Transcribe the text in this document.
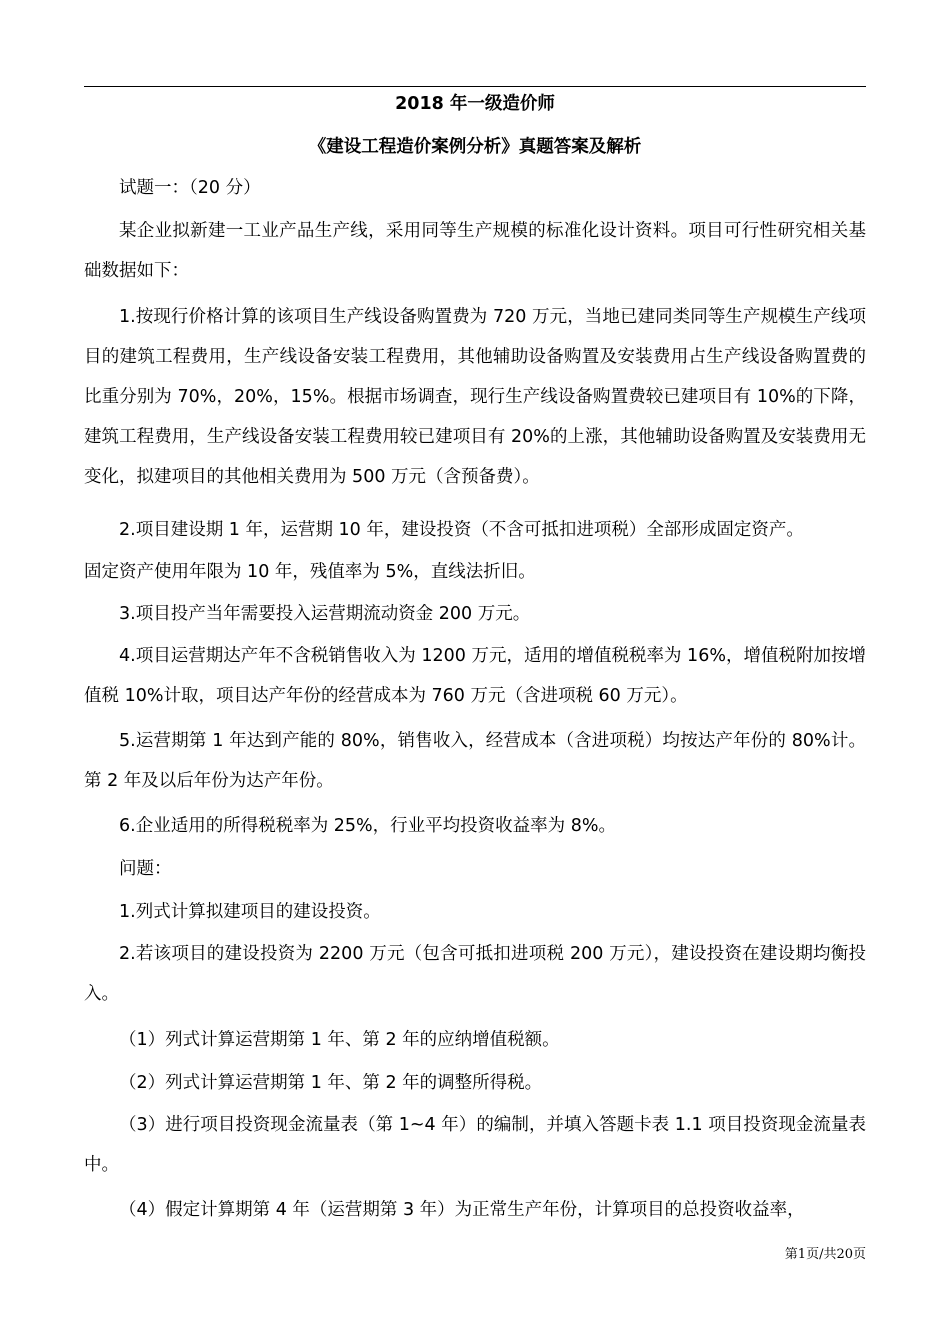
2018 年一级造价师
《建设工程造价案例分析》真题答案及解析

试题一：（20 分）

某企业拟新建一工业产品生产线，采用同等生产规模的标准化设计资料。项目可行性研究相关基础数据如下：

1.按现行价格计算的该项目生产线设备购置费为 720 万元，当地已建同类同等生产规模生产线项目的建筑工程费用，生产线设备安装工程费用，其他辅助设备购置及安装费用占生产线设备购置费的比重分别为 70%，20%，15%。根据市场调查，现行生产线设备购置费较已建项目有 10%的下降，建筑工程费用，生产线设备安装工程费用较已建项目有 20%的上涨，其他辅助设备购置及安装费用无变化，拟建项目的其他相关费用为 500 万元（含预备费）。

2.项目建设期 1 年，运营期 10 年，建设投资（不含可抵扣进项税）全部形成固定资产。

固定资产使用年限为 10 年，残值率为 5%，直线法折旧。

3.项目投产当年需要投入运营期流动资金 200 万元。

4.项目运营期达产年不含税销售收入为 1200 万元，适用的增值税税率为 16%，增值税附加按增值税 10%计取，项目达产年份的经营成本为 760 万元（含进项税 60 万元）。

5.运营期第 1 年达到产能的 80%，销售收入，经营成本（含进项税）均按达产年份的 80%计。第 2 年及以后年份为达产年份。

6.企业适用的所得税税率为 25%，行业平均投资收益率为 8%。

问题：

1.列式计算拟建项目的建设投资。

2.若该项目的建设投资为 2200 万元（包含可抵扣进项税 200 万元），建设投资在建设期均衡投入。

（1）列式计算运营期第 1 年、第 2 年的应纳增值税额。

（2）列式计算运营期第 1 年、第 2 年的调整所得税。

（3）进行项目投资现金流量表（第 1~4 年）的编制，并填入答题卡表 1.1 项目投资现金流量表中。

（4）假定计算期第 4 年（运营期第 3 年）为正常生产年份，计算项目的总投资收益率，

第1页/共20页
